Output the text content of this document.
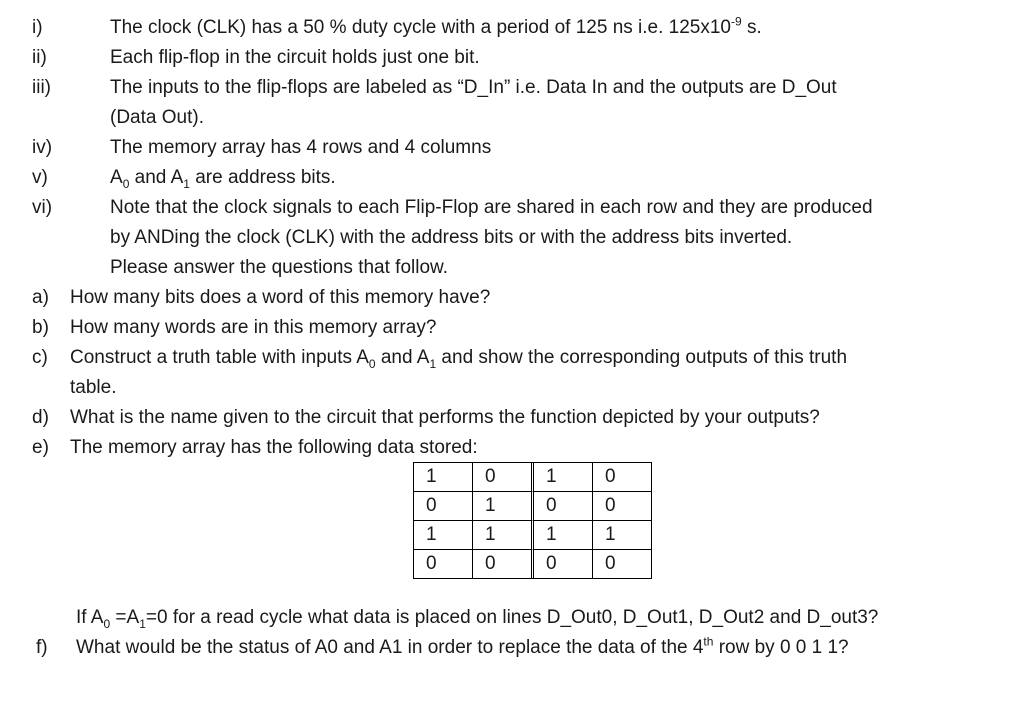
i)	The clock (CLK) has a 50 % duty cycle with a period of 125 ns i.e. $125x10^{-9}$ s.
ii)	Each flip-flop in the circuit holds just one bit.
iii)	The inputs to the flip-flops are labeled as “D_In” i.e. Data In and the outputs are D_Out
(Data Out).
iv)	The memory array has 4 rows and 4 columns
v)	$A_0$ and $A_1$ are address bits.
vi)	Note that the clock signals to each Flip-Flop are shared in each row and they are produced
by ANDing the clock (CLK) with the address bits or with the address bits inverted.
Please answer the questions that follow.
a) How many bits does a word of this memory have?
b) How many words are in this memory array?
c) Construct a truth table with inputs $A_0$ and $A_1$ and show the corresponding outputs of this truth
table.
d) What is the name given to the circuit that performs the function depicted by your outputs?
e) The memory array has the following data stored:
1	0	1	0
0	1	0	0
1	1	1	1
0	0	0	0
If $A_0 =A_1=0$ for a read cycle what data is placed on lines D_Out0, D_Out1, D_Out2 and D_out3?
f) What would be the status of A0 and A1 in order to replace the data of the 4th row by 0 0 1 1?
